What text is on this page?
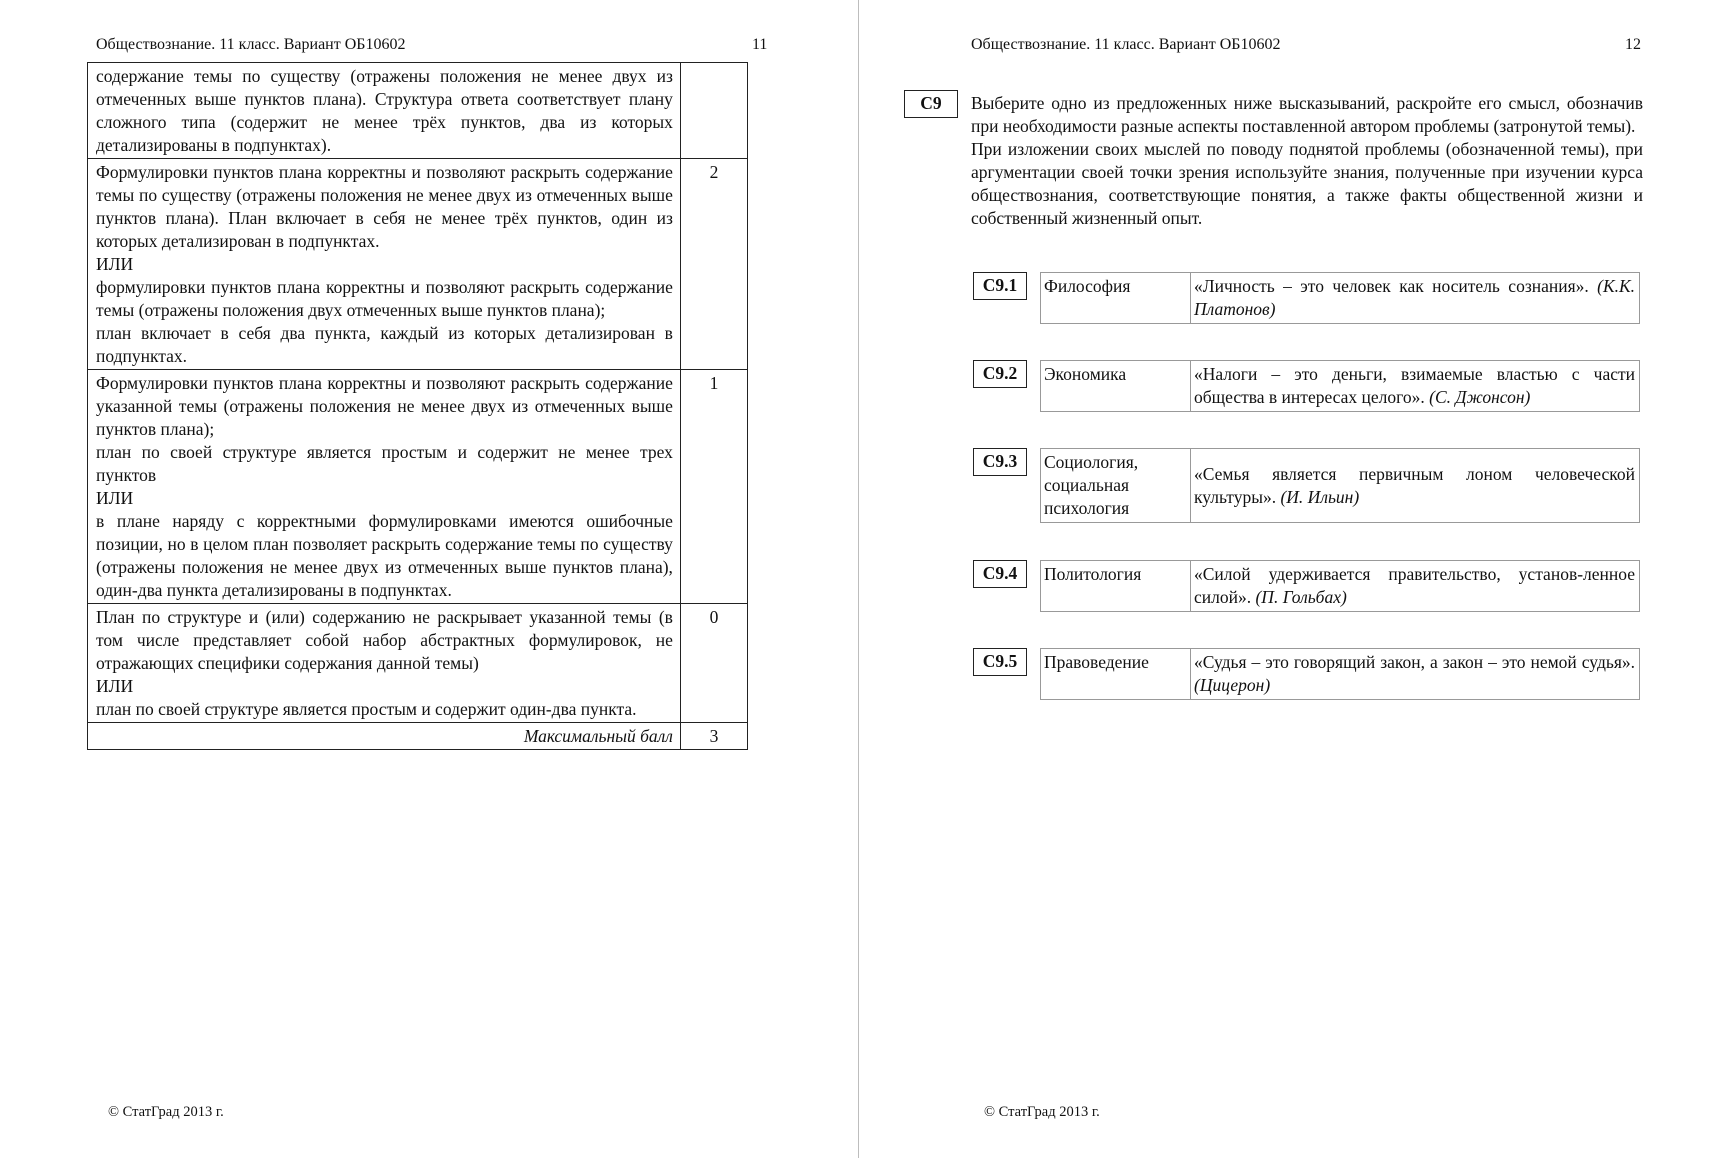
Обществознание. 11 класс. Вариант ОБ10602	11

содержание темы по существу (отражены положения не менее двух из отмеченных выше пунктов плана). Структура ответа соответствует плану сложного типа (содержит не менее трёх пунктов, два из которых детализированы в подпунктах).	

Формулировки пунктов плана корректны и позволяют раскрыть содержание темы по существу (отражены положения не менее двух из отмеченных выше пунктов плана). План включает в себя не менее трёх пунктов, один из которых детализирован в подпунктах.

ИЛИ

формулировки пунктов плана корректны и позволяют раскрыть содержание темы (отражены положения двух отмеченных выше пунктов плана);

план включает в себя два пункта, каждый из которых детализирован в подпунктах.	2

Формулировки пунктов плана корректны и позволяют раскрыть содержание указанной темы (отражены положения не менее двух из отмеченных выше пунктов плана);

план по своей структуре является простым и содержит не менее трех пунктов

ИЛИ

в плане наряду с корректными формулировками имеются ошибочные позиции, но в целом план позволяет раскрыть содержание темы по существу (отражены положения не менее двух из отмеченных выше пунктов плана), один-два пункта детализированы в подпунктах.	1

План по структуре и (или) содержанию не раскрывает указанной темы (в том числе представляет собой набор абстрактных формулировок, не отражающих специфики содержания данной темы)

ИЛИ

план по своей структуре является простым и содержит один-два пункта.	0
Максимальный балл	3
© СтатГрад 2013 г.
Обществознание. 11 класс. Вариант ОБ10602	12
C9	Выберите одно из предложенных ниже высказываний, раскройте его смысл, обозначив при необходимости разные аспекты поставленной автором проблемы (затронутой темы).

При изложении своих мыслей по поводу поднятой проблемы (обозначенной темы), при аргументации своей точки зрения используйте знания, полученные при изучении курса обществознания, соответствующие понятия, а также факты общественной жизни и собственный жизненный опыт.

C9.1	Философия	«Личность – это человек как носитель сознания». (К.К. Платонов)
C9.2	Экономика	«Налоги – это деньги, взимаемые властью с части общества в интересах целого». (С. Джонсон)
C9.3	Социология, социальная психология	«Семья является первичным лоном человеческой культуры». (И. Ильин)
C9.4	Политология	«Силой удерживается правительство, установ-ленное силой». (П. Гольбах)
C9.5	Правоведение	«Судья – это говорящий закон, а закон – это немой судья». (Цицерон)
© СтатГрад 2013 г.
